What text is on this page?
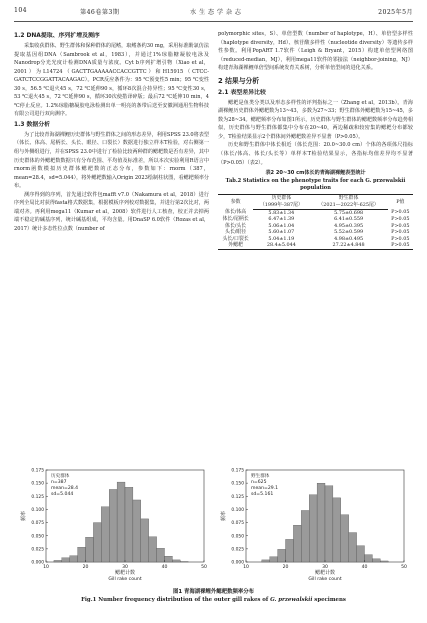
104	第46卷第3期	水 生 态 学 杂 志	2025年5月
1.2 DNA提取、序列扩增及测序

采集收获群体、野生群体和保种群体的尾鳍，取鳍条约30 mg，采用标准酚氯仿法提取基因组DNA（Sambrook et al，1983），并通过1%琼脂糖凝胶电泳及Nanodrop分光光度计检测DNA质量与浓度。Cyt b序列扩增引物（Xiao et al，2001）为L14724（GACTTGAAAAACCACCGTTC）和H15915（CTCC-GATCTCCGGATTACAAGAC）。PCR反应条件为：95 ℃预变性5 min；95 ℃变性30 s，56.5 ℃退火45 s，72 ℃延伸90 s，循环8次混合持异性；95 ℃变性30 s，53 ℃退火45 s，72 ℃延伸90 s，循环30次使措译碎版；最后72 ℃延伸10 min，4 ℃停止反应。1.2%琼脂糖凝胶电泳检测出单一明亮的条带后送至安徽洲通用生物科技有限公司进行双向测序。

1.3 数据分析

为了比较青海湖裸鲤历史群体与野生群体之间的形态差异，利用SPSS 23.0将表型（体长、体高、尾柄长、头长、眼径、口裂长）数据进行独立样本T检验，对右侧第一组与外侧组进行，并在SPSS 23.0中进行了检验比较两种群的鳃耙数是否有差异，其中历史群体的外鳃耙数数据只有分布范围、平均值及标准差，所以本次实验利用R语言中rnorm函数模拟历史群体鳃耙数的正态分布，参数如下：rnorm（387，mean=28.4，sd=5.044），将外鳃耙数输入Origin 2023绘制柱状图，看鳃耙频率分布。

测序得到的序列，首先通过软件包mafft v7.0（Nakamura et al，2018）进行序列全局比对获得fasta格式数据集，根据模板序列校对数据集，并进行第2次比对，两端对齐。再利用mega11（Kumar et al，2008）软件进行人工核查，校正并去掉两端不稳定的碱基序列，统计碱基组成，平均含量。用DnaSP 6.0软件（Rozas et al，2017）统计多态性位点数（number of

polymorphic sites，S）、单倍型数（number of haplotype，H）、单倍型多样性（haplotype diversity，Hd）、核苷酸多样性（nucleotide diversity）等遗传多样性参数。利用PopART 1.7软件（Leigh & Bryant，2015）构建单倍型网络图（reduced-median，MJ），利用mega11软件的邻接法（neighbor-joining，NJ）构建青海湖裸鲤单倍型间系统发育关系树，分析单倍型间的进化关系。

2 结果与分析
2.1 表型差异比较

鳃耙是鱼类分类以及形态多样性的评判指标之一（Zhang et al，2013b）。青海湖裸鲤历史群体外鳃耙数为13~43，多数为27~33；野生群体外鳃耙数为15~45，多数为28~34。鳃耙频率分布如图1所示，历史群体与野生群体的鳃耙数频率分布趋势相似，历史群体与野生群体都集中分布在20~40，两边稀疏和较密集的鳃耙分布都较少，T检验结果显示2个群体间外鳃耙数差异不显著（P>0.05）。

历史和野生群体中体长相近（体长范围：20.0~30.0 cm）个体的各项体尺指标（体长/体高、体长/头长等）单样本T检验结果显示，各指标均值差异均不显著（P>0.05）（表2）。

表2 20~30 cm体长的青海湖裸鲤表型统计
Tab.2 Statistics on the phenotype traits for each G. przewalskii population
参数	历史群体	野生群体	P值
	（1999年-387尾）	（2021—2022年-625尾）	
体长/体高	5.83±1.34	5.75±0.698	P>0.05
体长/尾柄长	6.47±1.39	6.41±0.559	P>0.05
体长/头长	5.06±1.04	4.95±0.395	P>0.05
头长/眼径	5.60±1.07	5.52±0.599	P>0.05
头长/口裂长	5.04±1.19	4.98±0.495	P>0.05
外鳃耙	28.4±5.044	27.22±4.848	P>0.05
0.000
0.025
0.050
0.075
0.100
0.125
0.150
0.175
10	20	30	40	50
鳃耙计数
Gill rake count
频率
历史群体
n=387
mean=28.4
sd=5.044
0.000
0.025
0.050
0.075
0.100
0.125
0.150
0.175
10	20	30	40	50
鳃耙计数
Gill rake count
频率
野生群体
n=625
mean=29.1
sd=5.161
图1 青海湖裸鲤外鳃耙数频率分布
Fig.1 Number frequency distribution of the outer gill rakes of G. przewalskii specimens
